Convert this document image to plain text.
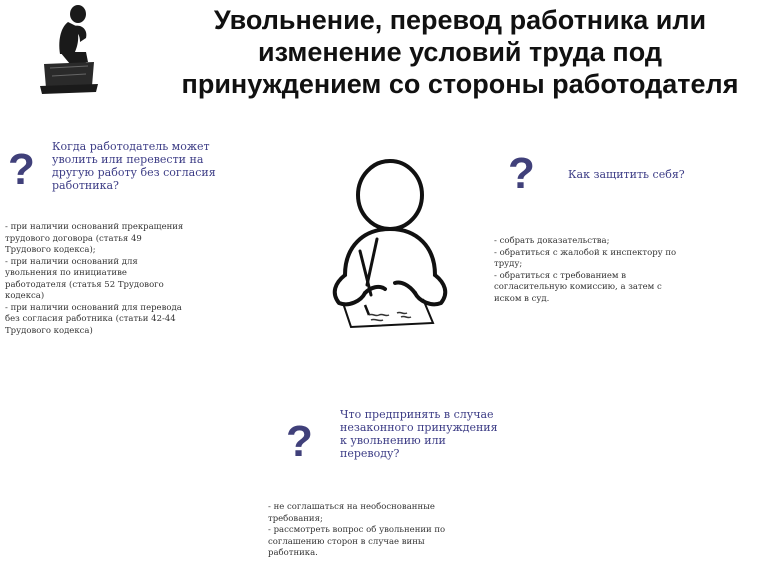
Увольнение, перевод работника или
изменение условий труда под
принуждением со стороны работодателя
? Когда работодатель может
уволить или перевести на
другую работу без согласия
работника?
- при наличии оснований прекращения
трудового договора (статья 49
Трудового кодекса);
- при наличии оснований для
увольнения по инициативе
работодателя (статья 52 Трудового
кодекса)
- при наличии оснований для перевода
без согласия работника (статьи 42-44
Трудового кодекса)
?	Как защитить себя?
- собрать доказательства;
- обратиться с жалобой к инспектору по
труду;
- обратиться с требованием в
согласительную комиссию, а затем с
иском в суд.
?
Что предпринять в случае
незаконного принуждения
к увольнению или
переводу?
- не соглашаться на необоснованные
требования;
- рассмотреть вопрос об увольнении по
соглашению сторон в случае вины
работника.
